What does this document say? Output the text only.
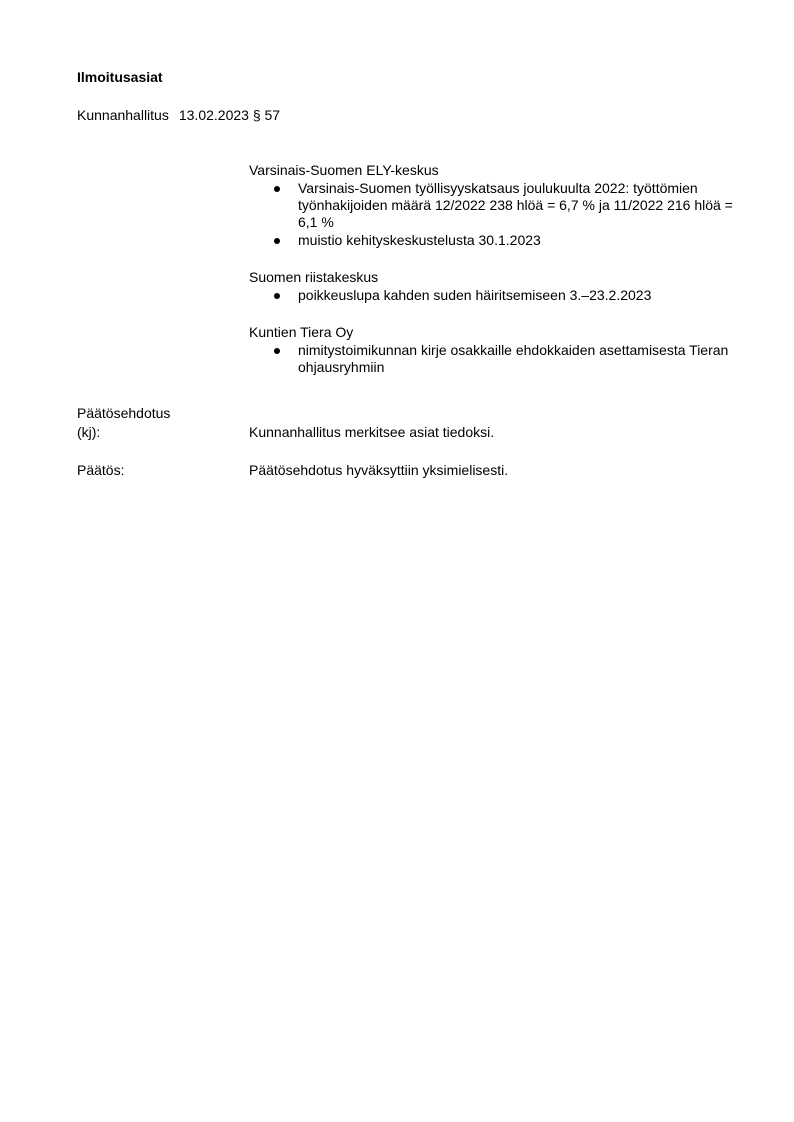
Ilmoitusasiat
Kunnanhallitus 13.02.2023 § 57
Varsinais-Suomen ELY-keskus
Varsinais-Suomen työllisyyskatsaus joulukuulta 2022: työttömien työnhakijoiden määrä 12/2022 238 hlöä = 6,7 % ja 11/2022 216 hlöä = 6,1 %
muistio kehityskeskustelusta 30.1.2023
Suomen riistakeskus
poikkeuslupa kahden suden häiritsemiseen 3.–23.2.2023
Kuntien Tiera Oy
nimitystoimikunnan kirje osakkaille ehdokkaiden asettamisesta Tieran ohjausryhmiin
Päätösehdotus
(kj):	Kunnanhallitus merkitsee asiat tiedoksi.
Päätös:	Päätösehdotus hyväksyttiin yksimielisesti.
